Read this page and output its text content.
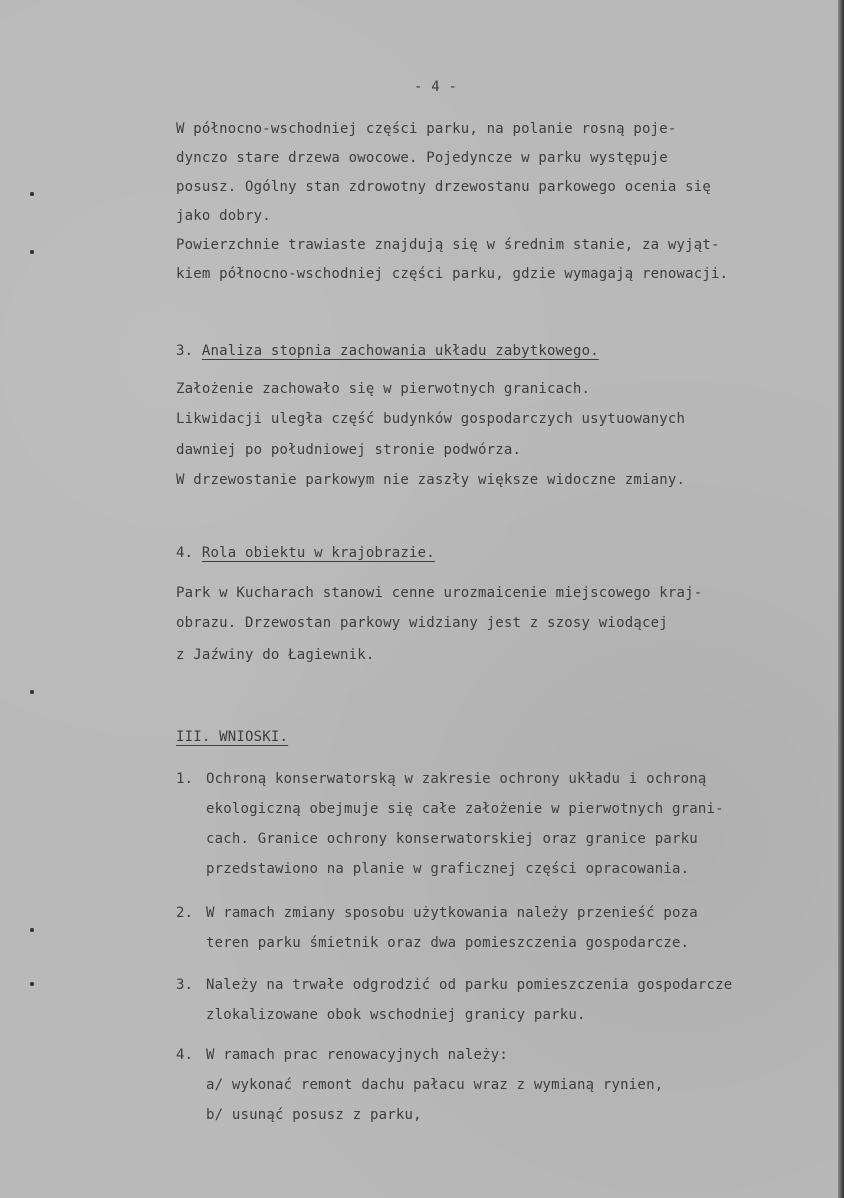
- 4 -
W północno-wschodniej części parku, na polanie rosną poje-
dynczo stare drzewa owocowe. Pojedyncze w parku występuje
posusz. Ogólny stan zdrowotny drzewostanu parkowego ocenia się
jako dobry.
Powierzchnie trawiaste znajdują się w średnim stanie, za wyjąt-
kiem północno-wschodniej części parku, gdzie wymagają renowacji.
3. Analiza stopnia zachowania układu zabytkowego.
Założenie zachowało się w pierwotnych granicach.
Likwidacji uległa część budynków gospodarczych usytuowanych
dawniej po południowej stronie podwórza.
W drzewostanie parkowym nie zaszły większe widoczne zmiany.
4. Rola obiektu w krajobrazie.
Park w Kucharach stanowi cenne urozmaicenie miejscowego kraj-
obrazu. Drzewostan parkowy widziany jest z szosy wiodącej
z Jaźwiny do Łagiewnik.
III. WNIOSKI.
1. Ochroną konserwatorską w zakresie ochrony układu i ochroną
ekologiczną obejmuje się całe założenie w pierwotnych grani-
cach. Granice ochrony konserwatorskiej oraz granice parku
przedstawiono na planie w graficznej części opracowania.
2. W ramach zmiany sposobu użytkowania należy przenieść poza
teren parku śmietnik oraz dwa pomieszczenia gospodarcze.
3. Należy na trwałe odgrodzić od parku pomieszczenia gospodarcze
zlokalizowane obok wschodniej granicy parku.
4. W ramach prac renowacyjnych należy:
a/ wykonać remont dachu pałacu wraz z wymianą rynien,
b/ usunąć posusz z parku,
